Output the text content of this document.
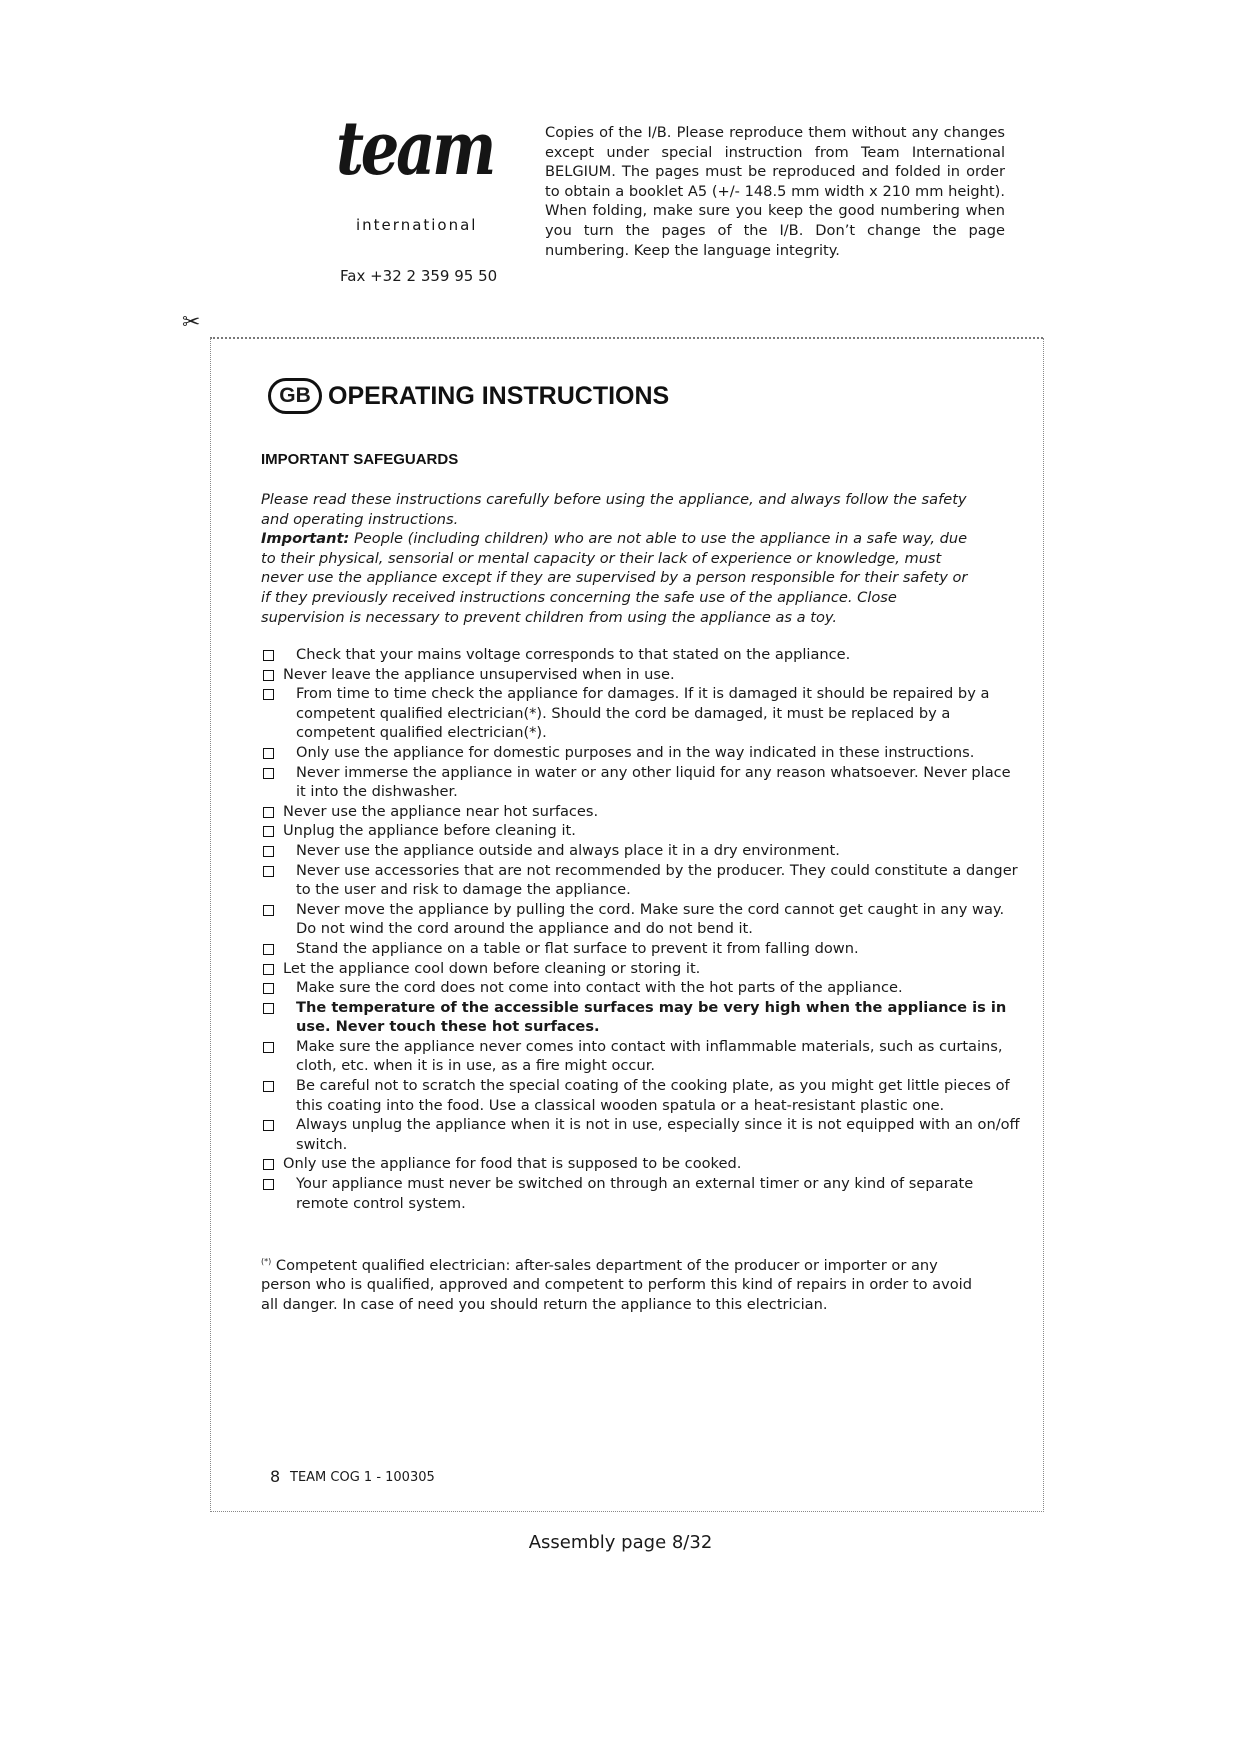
team
international
Fax +32 2 359 95 50
Copies of the I/B. Please reproduce them without any changes except under special instruction from Team International BELGIUM. The pages must be reproduced and folded in order to obtain a booklet A5 (+/- 148.5 mm width x 210 mm height). When folding, make sure you keep the good numbering when you turn the pages of the I/B. Don’t change the page numbering. Keep the language integrity.
✂
GB OPERATING INSTRUCTIONS
IMPORTANT SAFEGUARDS
Please read these instructions carefully before using the appliance, and always follow the safety and operating instructions.
Important: People (including children) who are not able to use the appliance in a safe way, due to their physical, sensorial or mental capacity or their lack of experience or knowledge, must never use the appliance except if they are supervised by a person responsible for their safety or if they previously received instructions concerning the safe use of the appliance. Close supervision is necessary to prevent children from using the appliance as a toy.
Check that your mains voltage corresponds to that stated on the appliance.
Never leave the appliance unsupervised when in use.
From time to time check the appliance for damages. If it is damaged it should be repaired by a competent qualified electrician(*). Should the cord be damaged, it must be replaced by a competent qualified electrician(*).
Only use the appliance for domestic purposes and in the way indicated in these instructions.
Never immerse the appliance in water or any other liquid for any reason whatsoever. Never place it into the dishwasher.
Never use the appliance near hot surfaces.
Unplug the appliance before cleaning it.
Never use the appliance outside and always place it in a dry environment.
Never use accessories that are not recommended by the producer. They could constitute a danger to the user and risk to damage the appliance.
Never move the appliance by pulling the cord. Make sure the cord cannot get caught in any way. Do not wind the cord around the appliance and do not bend it.
Stand the appliance on a table or flat surface to prevent it from falling down.
Let the appliance cool down before cleaning or storing it.
Make sure the cord does not come into contact with the hot parts of the appliance.
The temperature of the accessible surfaces may be very high when the appliance is in use. Never touch these hot surfaces.
Make sure the appliance never comes into contact with inflammable materials, such as curtains, cloth, etc. when it is in use, as a fire might occur.
Be careful not to scratch the special coating of the cooking plate, as you might get little pieces of this coating into the food. Use a classical wooden spatula or a heat-resistant plastic one.
Always unplug the appliance when it is not in use, especially since it is not equipped with an on/off switch.
Only use the appliance for food that is supposed to be cooked.
Your appliance must never be switched on through an external timer or any kind of separate remote control system.
(*) Competent qualified electrician: after-sales department of the producer or importer or any person who is qualified, approved and competent to perform this kind of repairs in order to avoid all danger. In case of need you should return the appliance to this electrician.
8 TEAM COG 1 - 100305
Assembly page 8/32
